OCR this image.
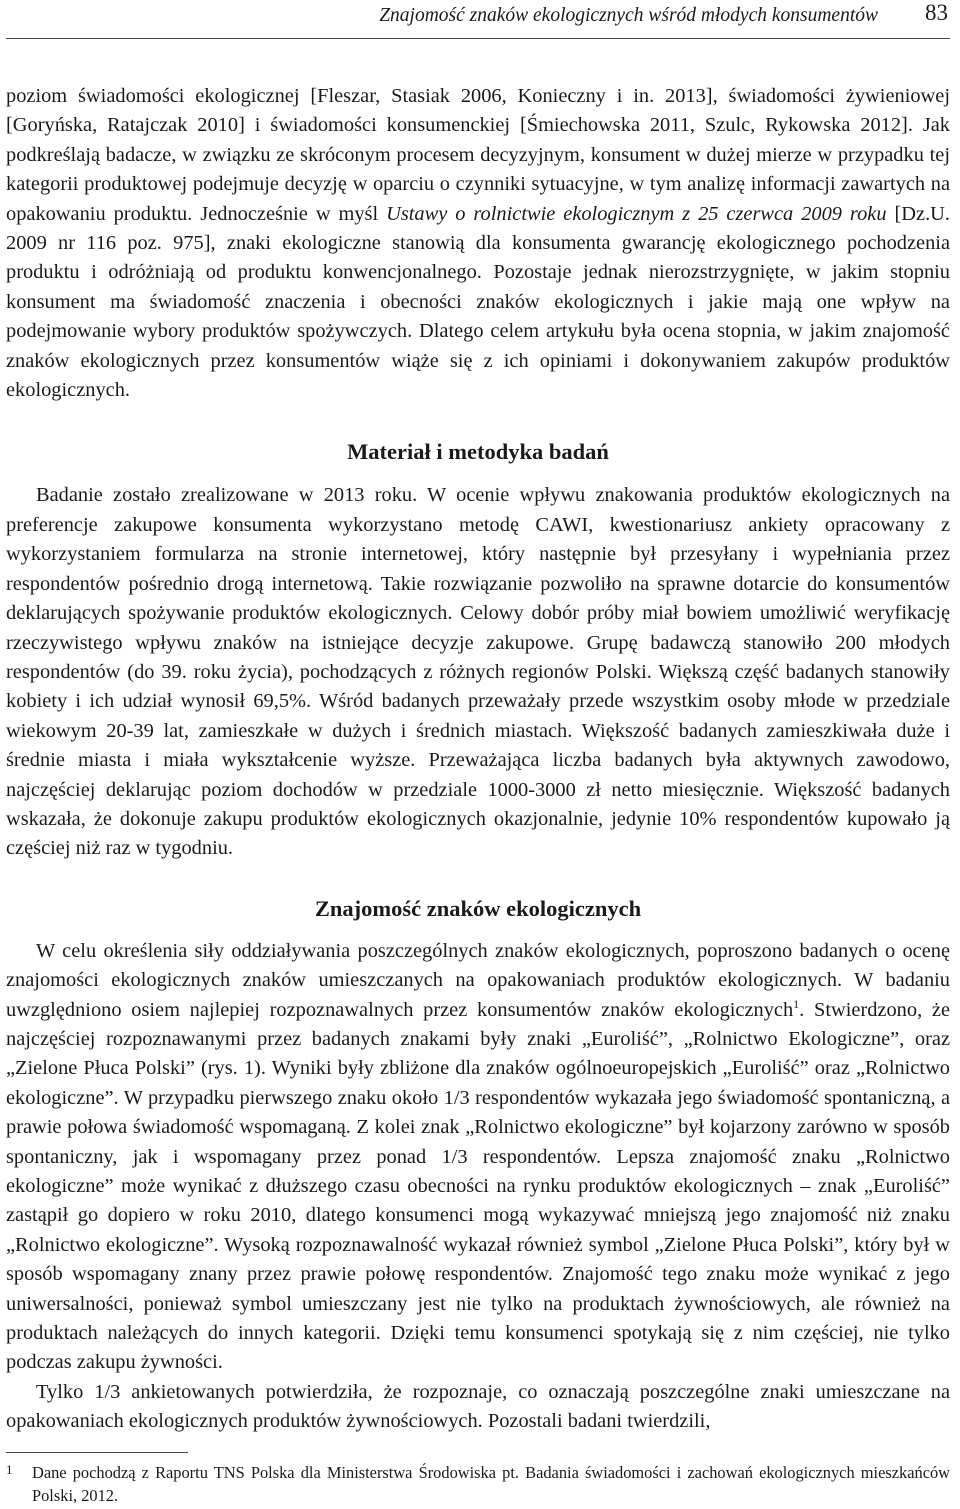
Znajomość znaków ekologicznych wśród młodych konsumentów 83

poziom świadomości ekologicznej [Fleszar, Stasiak 2006, Konieczny i in. 2013], świadomości żywieniowej [Goryńska, Ratajczak 2010] i świadomości konsumenckiej [Śmiechowska 2011, Szulc, Rykowska 2012]. Jak podkreślają badacze, w związku ze skróconym procesem decyzyjnym, konsument w dużej mierze w przypadku tej kategorii produktowej podejmuje decyzję w oparciu o czynniki sytuacyjne, w tym analizę informacji zawartych na opakowaniu produktu. Jednocześnie w myśl Ustawy o rolnictwie ekologicznym z 25 czerwca 2009 roku [Dz.U. 2009 nr 116 poz. 975], znaki ekologiczne stanowią dla konsumenta gwarancję ekologicznego pochodzenia produktu i odróżniają od produktu konwencjonalnego. Pozostaje jednak nierozstrzygnięte, w jakim stopniu konsument ma świadomość znaczenia i obecności znaków ekologicznych i jakie mają one wpływ na podejmowanie wybory produktów spożywczych. Dlatego celem artykułu była ocena stopnia, w jakim znajomość znaków ekologicznych przez konsumentów wiąże się z ich opiniami i dokonywaniem zakupów produktów ekologicznych.

Materiał i metodyka badań

Badanie zostało zrealizowane w 2013 roku. W ocenie wpływu znakowania produktów ekologicznych na preferencje zakupowe konsumenta wykorzystano metodę CAWI, kwestionariusz ankiety opracowany z wykorzystaniem formularza na stronie internetowej, który następnie był przesyłany i wypełniania przez respondentów pośrednio drogą internetową. Takie rozwiązanie pozwoliło na sprawne dotarcie do konsumentów deklarujących spożywanie produktów ekologicznych. Celowy dobór próby miał bowiem umożliwić weryfikację rzeczywistego wpływu znaków na istniejące decyzje zakupowe. Grupę badawczą stanowiło 200 młodych respondentów (do 39. roku życia), pochodzących z różnych regionów Polski. Większą część badanych stanowiły kobiety i ich udział wynosił 69,5%. Wśród badanych przeważały przede wszystkim osoby młode w przedziale wiekowym 20-39 lat, zamieszkałe w dużych i średnich miastach. Większość badanych zamieszkiwała duże i średnie miasta i miała wykształcenie wyższe. Przeważająca liczba badanych była aktywnych zawodowo, najczęściej deklarując poziom dochodów w przedziale 1000-3000 zł netto miesięcznie. Większość badanych wskazała, że dokonuje zakupu produktów ekologicznych okazjonalnie, jedynie 10% respondentów kupowało ją częściej niż raz w tygodniu.

Znajomość znaków ekologicznych

W celu określenia siły oddziaływania poszczególnych znaków ekologicznych, poproszono badanych o ocenę znajomości ekologicznych znaków umieszczanych na opakowaniach produktów ekologicznych. W badaniu uwzględniono osiem najlepiej rozpoznawalnych przez konsumentów znaków ekologicznych$^1$. Stwierdzono, że najczęściej rozpoznawanymi przez badanych znakami były znaki „Euroliść”, „Rolnictwo Ekologiczne”, oraz „Zielone Płuca Polski” (rys. 1). Wyniki były zbliżone dla znaków ogólnoeuropejskich „Euroliść” oraz „Rolnictwo ekologiczne”. W przypadku pierwszego znaku około 1/3 respondentów wykazała jego świadomość spontaniczną, a prawie połowa świadomość wspomaganą. Z kolei znak „Rolnictwo ekologiczne” był kojarzony zarówno w sposób spontaniczny, jak i wspomagany przez ponad 1/3 respondentów. Lepsza znajomość znaku „Rolnictwo ekologiczne” może wynikać z dłuższego czasu obecności na rynku produktów ekologicznych – znak „Euroliść” zastąpił go dopiero w roku 2010, dlatego konsumenci mogą wykazywać mniejszą jego znajomość niż znaku „Rolnictwo ekologiczne”. Wysoką rozpoznawalność wykazał również symbol „Zielone Płuca Polski”, który był w sposób wspomagany znany przez prawie połowę respondentów. Znajomość tego znaku może wynikać z jego uniwersalności, ponieważ symbol umieszczany jest nie tylko na produktach żywnościowych, ale również na produktach należących do innych kategorii. Dzięki temu konsumenci spotykają się z nim częściej, nie tylko podczas zakupu żywności.

Tylko 1/3 ankietowanych potwierdziła, że rozpoznaje, co oznaczają poszczególne znaki umieszczane na opakowaniach ekologicznych produktów żywnościowych. Pozostali badani twierdzili,

1 Dane pochodzą z Raportu TNS Polska dla Ministerstwa Środowiska pt. Badania świadomości i zachowań ekologicznych mieszkańców Polski, 2012.
